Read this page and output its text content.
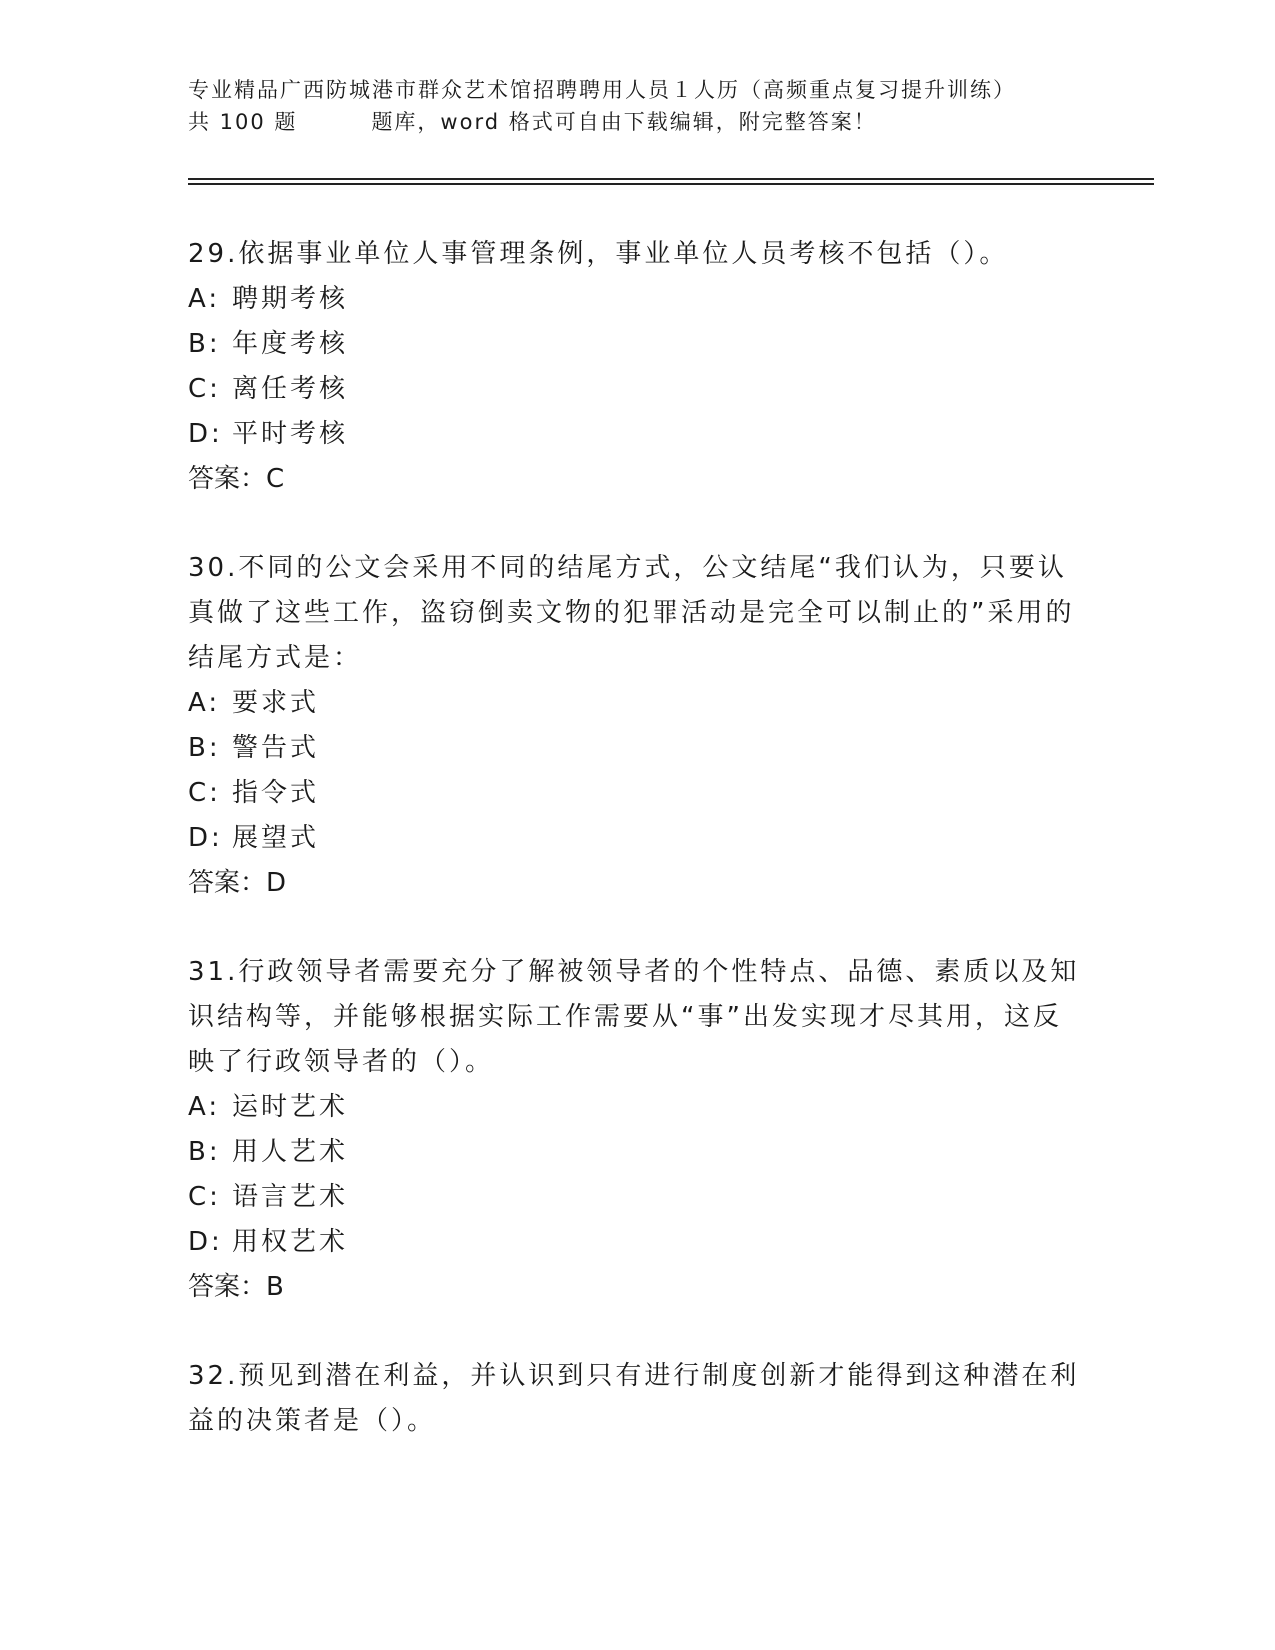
专业精品广西防城港市群众艺术馆招聘聘用人员１人历（高频重点复习提升训练）
共 100 题	题库，word 格式可自由下载编辑，附完整答案！

29.依据事业单位人事管理条例，事业单位人员考核不包括（）。

A: 聘期考核
B: 年度考核
C: 离任考核
D: 平时考核

答案：C

30.不同的公文会采用不同的结尾方式，公文结尾“我们认为，只要认真做了这些工作，盗窃倒卖文物的犯罪活动是完全可以制止的”采用的结尾方式是：

A: 要求式
B: 警告式
C: 指令式
D: 展望式

答案：D

31.行政领导者需要充分了解被领导者的个性特点、品德、素质以及知识结构等，并能够根据实际工作需要从“事”出发实现才尽其用，这反映了行政领导者的（）。

A: 运时艺术
B: 用人艺术
C: 语言艺术
D: 用权艺术

答案：B

32.预见到潜在利益，并认识到只有进行制度创新才能得到这种潜在利益的决策者是（）。
